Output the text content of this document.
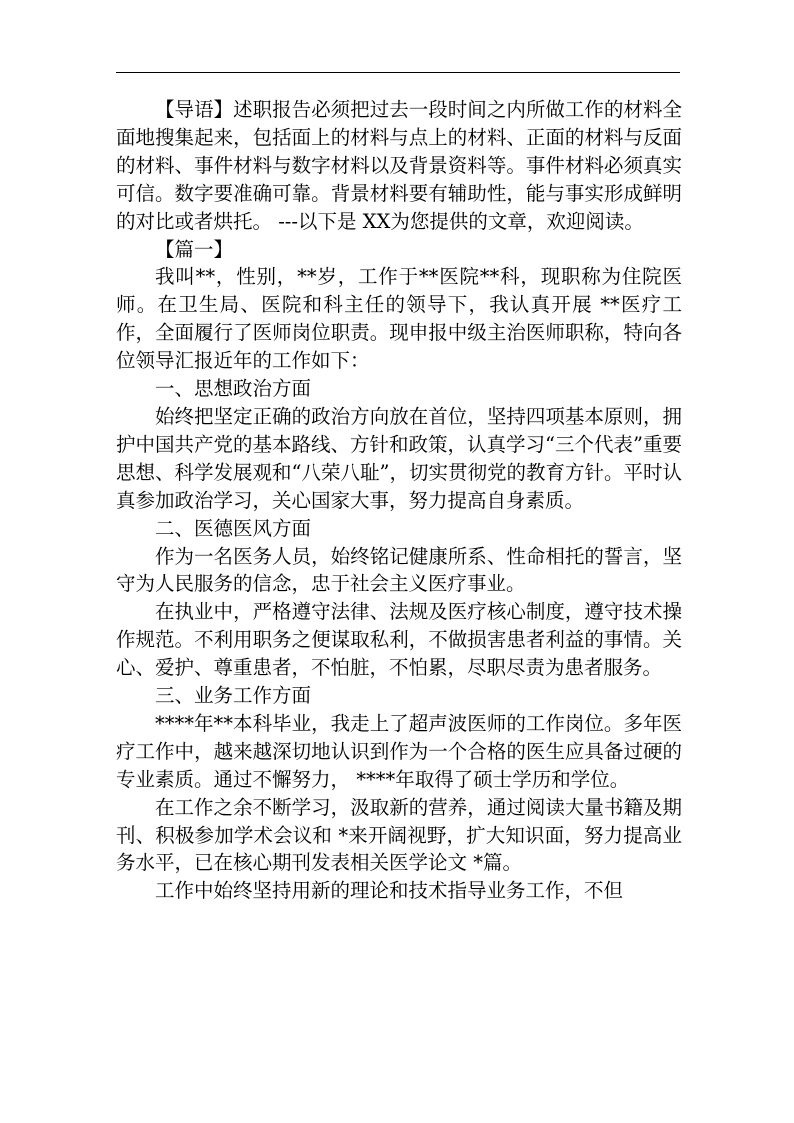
【导语】述职报告必须把过去一段时间之内所做工作的材料全面地搜集起来，包括面上的材料与点上的材料、正面的材料与反面的材料、事件材料与数字材料以及背景资料等。事件材料必须真实可信。数字要准确可靠。背景材料要有辅助性，能与事实形成鲜明的对比或者烘托。 ---以下是 XX为您提供的文章，欢迎阅读。

【篇一】

我叫**，性别，**岁，工作于**医院**科，现职称为住院医师。在卫生局、医院和科主任的领导下，我认真开展 **医疗工作，全面履行了医师岗位职责。现申报中级主治医师职称，特向各位领导汇报近年的工作如下：

一、思想政治方面

始终把坚定正确的政治方向放在首位，坚持四项基本原则，拥护中国共产党的基本路线、方针和政策，认真学习“三个代表”重要思想、科学发展观和“八荣八耻”，切实贯彻党的教育方针。平时认真参加政治学习，关心国家大事，努力提高自身素质。

二、医德医风方面

作为一名医务人员，始终铭记健康所系、性命相托的誓言，坚守为人民服务的信念，忠于社会主义医疗事业。

在执业中，严格遵守法律、法规及医疗核心制度，遵守技术操作规范。不利用职务之便谋取私利，不做损害患者利益的事情。关心、爱护、尊重患者，不怕脏，不怕累，尽职尽责为患者服务。

三、业务工作方面

****年**本科毕业，我走上了超声波医师的工作岗位。多年医疗工作中，越来越深切地认识到作为一个合格的医生应具备过硬的专业素质。通过不懈努力， ****年取得了硕士学历和学位。

在工作之余不断学习，汲取新的营养，通过阅读大量书籍及期刊、积极参加学术会议和 *来开阔视野，扩大知识面，努力提高业务水平，已在核心期刊发表相关医学论文 *篇。

工作中始终坚持用新的理论和技术指导业务工作，不但
